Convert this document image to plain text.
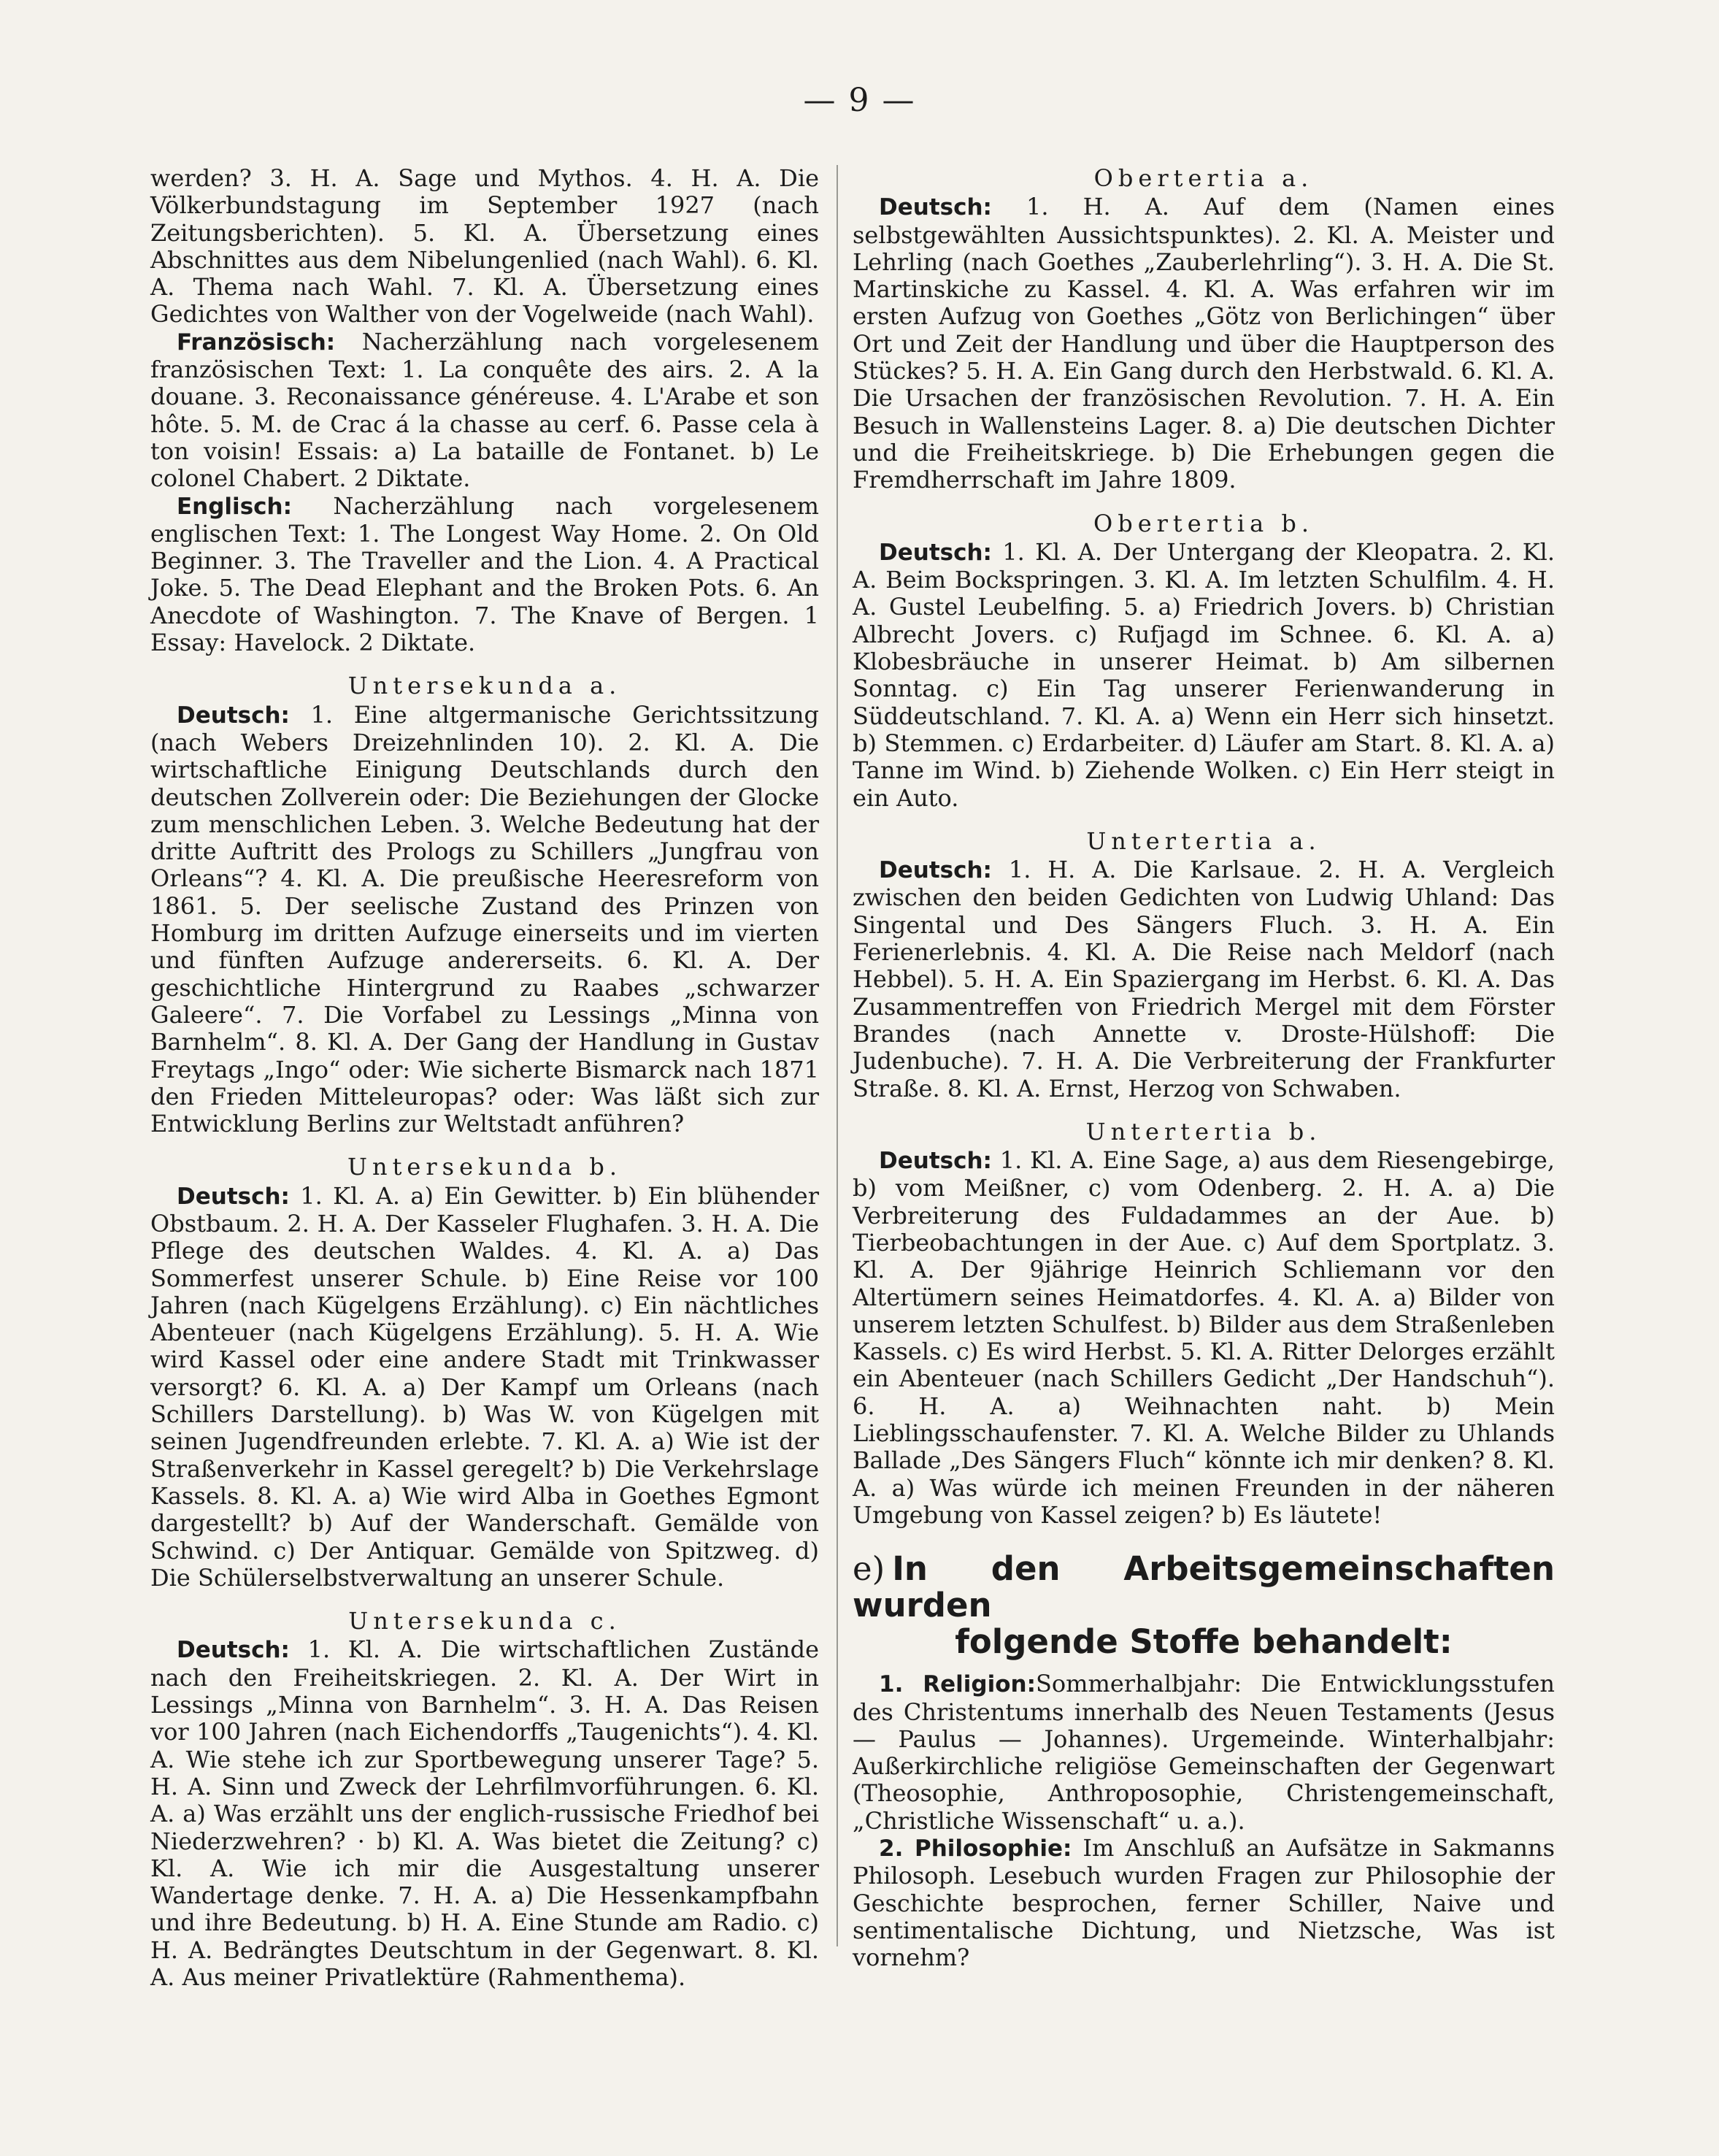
— 9 —

werden? 3. H. A. Sage und Mythos. 4. H. A. Die Völkerbundstagung im September 1927 (nach Zeitungsberichten). 5. Kl. A. Übersetzung eines Abschnittes aus dem Nibelungenlied (nach Wahl). 6. Kl. A. Thema nach Wahl. 7. Kl. A. Übersetzung eines Gedichtes von Walther von der Vogelweide (nach Wahl).

Französisch: Nacherzählung nach vorgelesenem französischen Text: 1. La conquête des airs. 2. A la douane. 3. Reconaissance généreuse. 4. L'Arabe et son hôte. 5. M. de Crac á la chasse au cerf. 6. Passe cela à ton voisin! Essais: a) La bataille de Fontanet. b) Le colonel Chabert. 2 Diktate.

Englisch: Nacherzählung nach vorgelesenem englischen Text: 1. The Longest Way Home. 2. On Old Beginner. 3. The Traveller and the Lion. 4. A Practical Joke. 5. The Dead Elephant and the Broken Pots. 6. An Anecdote of Washington. 7. The Knave of Bergen. 1 Essay: Havelock. 2 Diktate.

Untersekunda a.

Deutsch: 1. Eine altgermanische Gerichtssitzung (nach Webers Dreizehnlinden 10). 2. Kl. A. Die wirtschaftliche Einigung Deutschlands durch den deutschen Zollverein oder: Die Beziehungen der Glocke zum menschlichen Leben. 3. Welche Bedeutung hat der dritte Auftritt des Prologs zu Schillers „Jungfrau von Orleans“? 4. Kl. A. Die preußische Heeresreform von 1861. 5. Der seelische Zustand des Prinzen von Homburg im dritten Aufzuge einerseits und im vierten und fünften Aufzuge andererseits. 6. Kl. A. Der geschichtliche Hintergrund zu Raabes „schwarzer Galeere“. 7. Die Vorfabel zu Lessings „Minna von Barnhelm“. 8. Kl. A. Der Gang der Handlung in Gustav Freytags „Ingo“ oder: Wie sicherte Bismarck nach 1871 den Frieden Mitteleuropas? oder: Was läßt sich zur Entwicklung Berlins zur Weltstadt anführen?

Untersekunda b.

Deutsch: 1. Kl. A. a) Ein Gewitter. b) Ein blühender Obstbaum. 2. H. A. Der Kasseler Flughafen. 3. H. A. Die Pflege des deutschen Waldes. 4. Kl. A. a) Das Sommerfest unserer Schule. b) Eine Reise vor 100 Jahren (nach Kügelgens Erzählung). c) Ein nächtliches Abenteuer (nach Kügelgens Erzählung). 5. H. A. Wie wird Kassel oder eine andere Stadt mit Trinkwasser versorgt? 6. Kl. A. a) Der Kampf um Orleans (nach Schillers Darstellung). b) Was W. von Kügelgen mit seinen Jugendfreunden erlebte. 7. Kl. A. a) Wie ist der Straßenverkehr in Kassel geregelt? b) Die Verkehrslage Kassels. 8. Kl. A. a) Wie wird Alba in Goethes Egmont dargestellt? b) Auf der Wanderschaft. Gemälde von Schwind. c) Der Antiquar. Gemälde von Spitzweg. d) Die Schülerselbstverwaltung an unserer Schule.

Untersekunda c.

Deutsch: 1. Kl. A. Die wirtschaftlichen Zustände nach den Freiheitskriegen. 2. Kl. A. Der Wirt in Lessings „Minna von Barnhelm“. 3. H. A. Das Reisen vor 100 Jahren (nach Eichendorffs „Taugenichts“). 4. Kl. A. Wie stehe ich zur Sportbewegung unserer Tage? 5. H. A. Sinn und Zweck der Lehrfilmvorführungen. 6. Kl. A. a) Was erzählt uns der englich-russische Friedhof bei Niederzwehren? · b) Kl. A. Was bietet die Zeitung? c) Kl. A. Wie ich mir die Ausgestaltung unserer Wandertage denke. 7. H. A. a) Die Hessenkampfbahn und ihre Bedeutung. b) H. A. Eine Stunde am Radio. c) H. A. Bedrängtes Deutschtum in der Gegenwart. 8. Kl. A. Aus meiner Privatlektüre (Rahmenthema).

Obertertia a.

Deutsch: 1. H. A. Auf dem (Namen eines selbstgewählten Aussichtspunktes). 2. Kl. A. Meister und Lehrling (nach Goethes „Zauberlehrling“). 3. H. A. Die St. Martinskiche zu Kassel. 4. Kl. A. Was erfahren wir im ersten Aufzug von Goethes „Götz von Berlichingen“ über Ort und Zeit der Handlung und über die Hauptperson des Stückes? 5. H. A. Ein Gang durch den Herbstwald. 6. Kl. A. Die Ursachen der französischen Revolution. 7. H. A. Ein Besuch in Wallensteins Lager. 8. a) Die deutschen Dichter und die Freiheitskriege. b) Die Erhebungen gegen die Fremdherrschaft im Jahre 1809.

Obertertia b.

Deutsch: 1. Kl. A. Der Untergang der Kleopatra. 2. Kl. A. Beim Bockspringen. 3. Kl. A. Im letzten Schulfilm. 4. H. A. Gustel Leubelfing. 5. a) Friedrich Jovers. b) Christian Albrecht Jovers. c) Rufjagd im Schnee. 6. Kl. A. a) Klobesbräuche in unserer Heimat. b) Am silbernen Sonntag. c) Ein Tag unserer Ferienwanderung in Süddeutschland. 7. Kl. A. a) Wenn ein Herr sich hinsetzt. b) Stemmen. c) Erdarbeiter. d) Läufer am Start. 8. Kl. A. a) Tanne im Wind. b) Ziehende Wolken. c) Ein Herr steigt in ein Auto.

Untertertia a.

Deutsch: 1. H. A. Die Karlsaue. 2. H. A. Vergleich zwischen den beiden Gedichten von Ludwig Uhland: Das Singental und Des Sängers Fluch. 3. H. A. Ein Ferienerlebnis. 4. Kl. A. Die Reise nach Meldorf (nach Hebbel). 5. H. A. Ein Spaziergang im Herbst. 6. Kl. A. Das Zusammentreffen von Friedrich Mergel mit dem Förster Brandes (nach Annette v. Droste-Hülshoff: Die Judenbuche). 7. H. A. Die Verbreiterung der Frankfurter Straße. 8. Kl. A. Ernst, Herzog von Schwaben.

Untertertia b.

Deutsch: 1. Kl. A. Eine Sage, a) aus dem Riesengebirge, b) vom Meißner, c) vom Odenberg. 2. H. A. a) Die Verbreiterung des Fuldadammes an der Aue. b) Tierbeobachtungen in der Aue. c) Auf dem Sportplatz. 3. Kl. A. Der 9jährige Heinrich Schliemann vor den Altertümern seines Heimatdorfes. 4. Kl. A. a) Bilder von unserem letzten Schulfest. b) Bilder aus dem Straßenleben Kassels. c) Es wird Herbst. 5. Kl. A. Ritter Delorges erzählt ein Abenteuer (nach Schillers Gedicht „Der Handschuh“). 6. H. A. a) Weihnachten naht. b) Mein Lieblingsschaufenster. 7. Kl. A. Welche Bilder zu Uhlands Ballade „Des Sängers Fluch“ könnte ich mir denken? 8. Kl. A. a) Was würde ich meinen Freunden in der näheren Umgebung von Kassel zeigen? b) Es läutete!

e) In den Arbeitsgemeinschaften wurden
folgende Stoffe behandelt:

1. Religion:Sommerhalbjahr: Die Entwicklungsstufen des Christentums innerhalb des Neuen Testaments (Jesus — Paulus — Johannes). Urgemeinde. Winterhalbjahr: Außerkirchliche religiöse Gemeinschaften der Gegenwart (Theosophie, Anthroposophie, Christengemeinschaft, „Christliche Wissenschaft“ u. a.).

2. Philosophie: Im Anschluß an Aufsätze in Sakmanns Philosoph. Lesebuch wurden Fragen zur Philosophie der Geschichte besprochen, ferner Schiller, Naive und sentimentalische Dichtung, und Nietzsche, Was ist vornehm?
